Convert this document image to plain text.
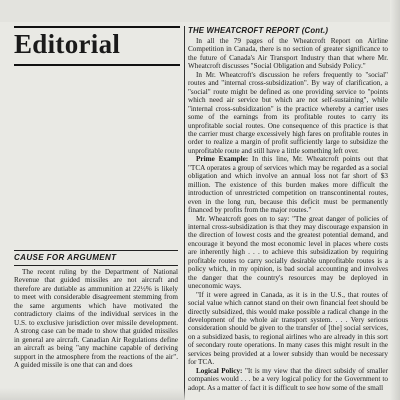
Editorial
CAUSE FOR ARGUMENT

The recent ruling by the Department of National Revenue that guided missiles are not aircraft and therefore are dutiable as ammunition at 22½% is likely to meet with considerable disagreement stemming from the same arguments which have motivated the contradictory claims of the individual services in the U.S. to exclusive jurisdiction over missile development. A strong case can be made to show that guided missiles in general are aircraft. Canadian Air Regulations define an aircraft as being "any machine capable of deriving support in the atmosphere from the reactions of the air". A guided missile is one that can and does

THE WHEATCROFT REPORT (Cont.)

In all the 79 pages of the Wheatcroft Report on Airline Competition in Canada, there is no section of greater significance to the future of Canada's Air Transport Industry than that where Mr. Wheatcroft discusses "Social Obligation and Subsidy Policy."

In Mr. Wheatcroft's discussion he refers frequently to "social" routes and "internal cross-subsidization". By way of clarification, a "social" route might be defined as one providing service to "points which need air service but which are not self-sustaining", while "internal cross-subsidization" is the practice whereby a carrier uses some of the earnings from its profitable routes to carry its unprofitable social routes. One consequence of this practice is that the carrier must charge excessively high fares on profitable routes in order to realize a margin of profit sufficiently large to subsidize the unprofitable route and still have a little something left over.

Prime Example: In this line, Mr. Wheatcroft points out that "TCA operates a group of services which may be regarded as a social obligation and which involve an annual loss not far short of $3 million. The existence of this burden makes more difficult the introduction of unrestricted competition on transcontinental routes, even in the long run, because this deficit must be permanently financed by profits from the major routes."

Mr. Wheatcroft goes on to say: "The great danger of policies of internal cross-subsidization is that they may discourage expansion in the direction of lowest costs and the greatest potential demand, and encourage it beyond the most economic level in places where costs are inherently high . . . to achieve this subsidization by requiring profitable routes to carry socially desirable unprofitable routes is a policy which, in my opinion, is bad social accounting and involves the danger that the country's resources may be deployed in uneconomic ways.

"If it were agreed in Canada, as it is in the U.S., that routes of social value which cannot stand on their own financial feet should be directly subsidized, this would make possible a radical change in the development of the whole air transport system. . . . Very serious consideration should be given to the transfer of [the] social services, on a subsidized basis, to regional airlines who are already in this sort of secondary route operations. In many cases this might result in the services being provided at a lower subsidy than would be necessary for TCA.

Logical Policy: "It is my view that the direct subsidy of smaller companies would . . . be a very logical policy for the Government to adopt. As a matter of fact it is difficult to see how some of the small
